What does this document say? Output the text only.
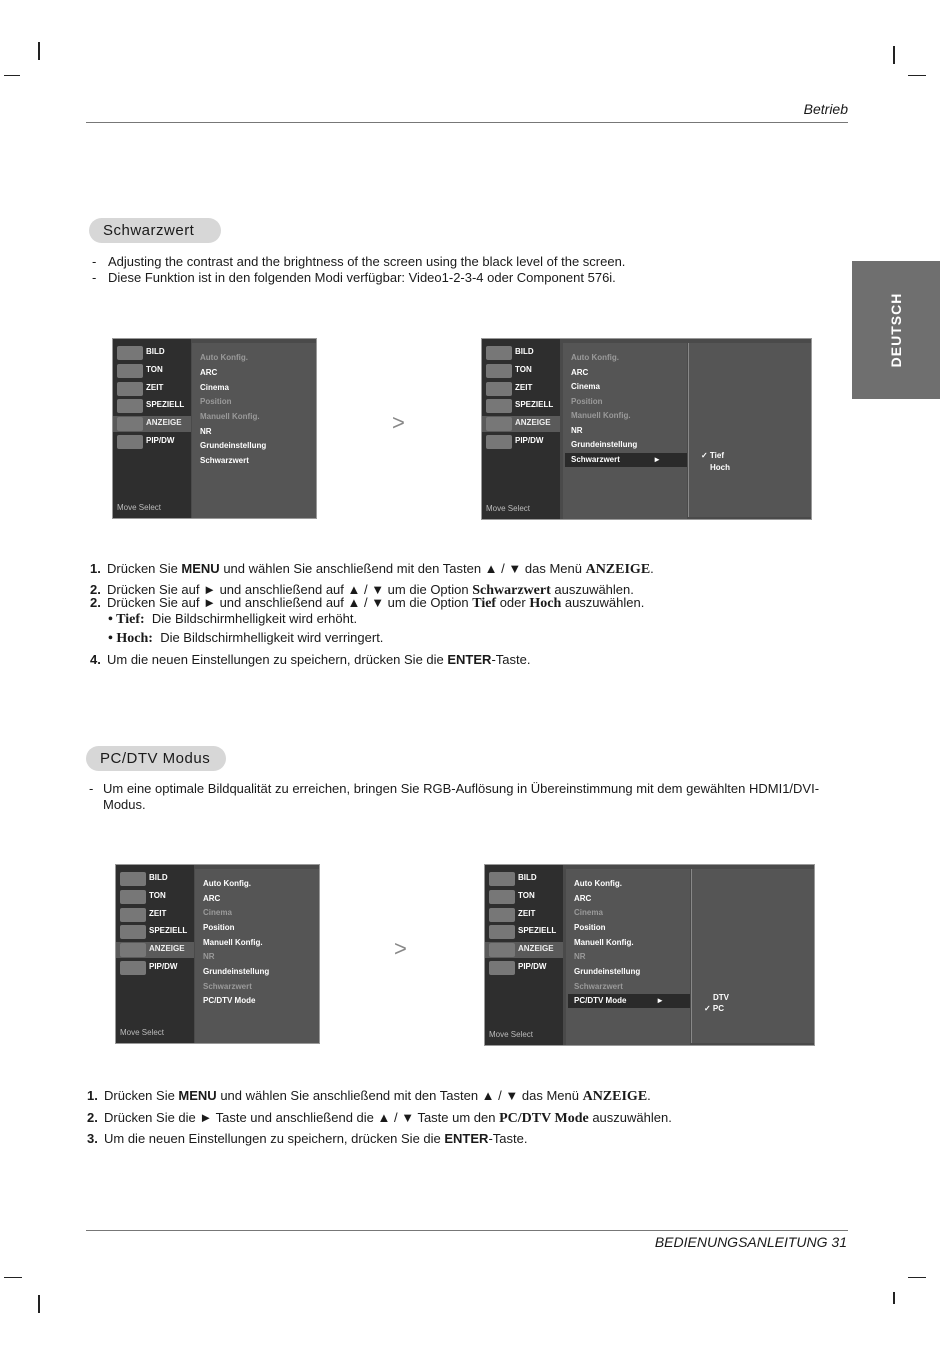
Betrieb
DEUTSCH
Schwarzwert
- Adjusting the contrast and the brightness of the screen using the black level of the screen.
- Diese Funktion ist in den folgenden Modi verfügbar: Video1-2-3-4 oder Component 576i.
BILD
TON
ZEIT
SPEZIELL
ANZEIGE
PIP/DW
Move Select
Auto Konfig.
ARC
Cinema
Position
Manuell Konfig.
NR
Grundeinstellung
Schwarzwert
>
BILD
TON
ZEIT
SPEZIELL
ANZEIGE
PIP/DW
Move Select
Auto Konfig.
ARC
Cinema
Position
Manuell Konfig.
NR
Grundeinstellung
Schwarzwert	►	✓ Tief
Hoch
1. Drücken Sie MENU und wählen Sie anschließend mit den Tasten ▲ / ▼ das Menü ANZEIGE.
2. Drücken Sie auf ► und anschließend auf ▲ / ▼ um die Option Schwarzwert auszuwählen.
2. Drücken Sie auf ► und anschließend auf ▲ / ▼ um die Option Tief oder Hoch auszuwählen.
• Tief: Die Bildschirmhelligkeit wird erhöht.
• Hoch: Die Bildschirmhelligkeit wird verringert.
4. Um die neuen Einstellungen zu speichern, drücken Sie die ENTER-Taste.
PC/DTV Modus
- Um eine optimale Bildqualität zu erreichen, bringen Sie RGB-Auflösung in Übereinstimmung mit dem gewählten HDMI1/DVI-
Modus.
BILD
TON
ZEIT
SPEZIELL
ANZEIGE
PIP/DW
Move Select
Auto Konfig.
ARC
Cinema
Position
Manuell Konfig.
NR
Grundeinstellung
Schwarzwert
PC/DTV Mode
>
BILD
TON
ZEIT
SPEZIELL
ANZEIGE
PIP/DW
Move Select
Auto Konfig.
ARC
Cinema
Position
Manuell Konfig.
NR
Grundeinstellung
Schwarzwert
PC/DTV Mode	►	DTV
✓ PC
1. Drücken Sie MENU und wählen Sie anschließend mit den Tasten ▲ / ▼ das Menü ANZEIGE.
2. Drücken Sie die ► Taste und anschließend die ▲ / ▼ Taste um den PC/DTV Mode auszuwählen.
3. Um die neuen Einstellungen zu speichern, drücken Sie die ENTER-Taste.
BEDIENUNGSANLEITUNG 31
